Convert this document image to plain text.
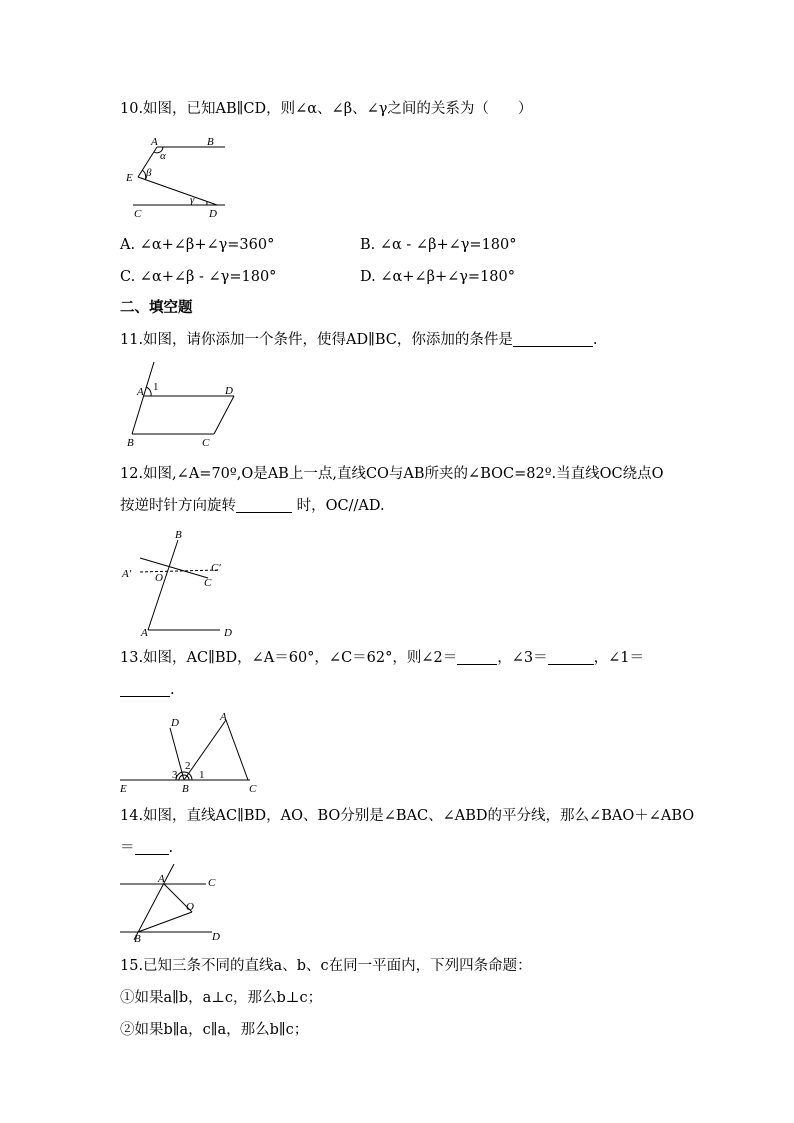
10.如图，已知AB∥CD，则∠α、∠β、∠γ之间的关系为（　　）
A	B
α
E β
γ
C	D
A. ∠α+∠β+∠γ=360°	B. ∠α - ∠β+∠γ=180°
C. ∠α+∠β - ∠γ=180°	D. ∠α+∠β+∠γ=180°
二、填空题
11.如图，请你添加一个条件，使得AD∥BC，你添加的条件是	.
A 1	D
B	C
12.如图,∠A=70º,O是AB上一点,直线CO与AB所夹的∠BOC=82º.当直线OC绕点O
按逆时针方向旋转	时，OC//AD.
B
A′ O
C′
C
A	D
13.如图，AC∥BD，∠A＝60°，∠C＝62°，则∠2＝	，∠3＝	，∠1＝
.
D	A
2
3 1
E	B	C
14.如图，直线AC∥BD，AO、BO分别是∠BAC、∠ABD的平分线，那么∠BAO＋∠ABO
＝ .
A	C
O
B	D
15.已知三条不同的直线a、b、c在同一平面内，下列四条命题：
①如果a∥b，a⊥c，那么b⊥c；
②如果b∥a，c∥a，那么b∥c；
